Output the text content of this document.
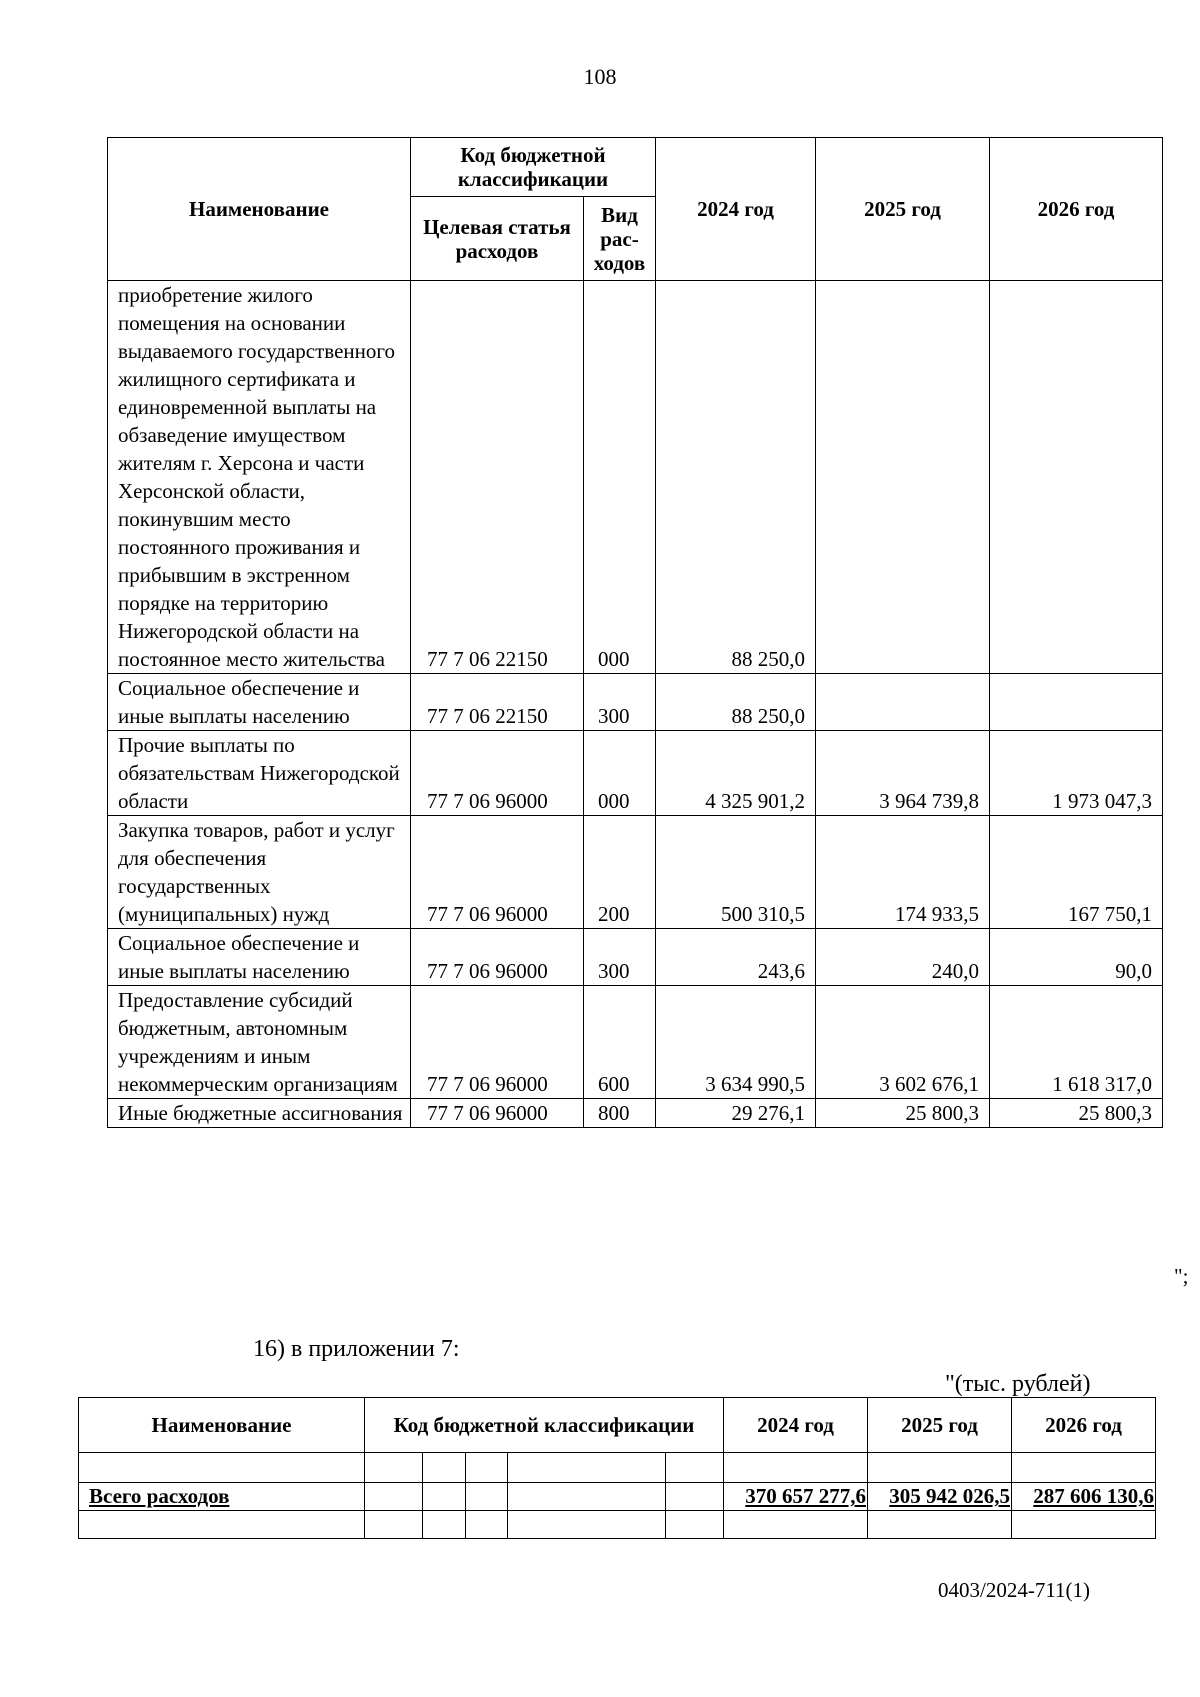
108
Наименование	Код бюджетной классификации		2024 год	2025 год	2026 год
	Целевая статья расходов	Вид рас-ходов			
приобретение жилого помещения на основании выдаваемого государственного жилищного сертификата и единовременной выплаты на обзаведение имуществом жителям г. Херсона и части Херсонской области, покинувшим место постоянного проживания и прибывшим в экстренном порядке на территорию Нижегородской области на постоянное место жительства	77 7 06 22150	000	88 250,0		
Социальное обеспечение и иные выплаты населению	77 7 06 22150	300	88 250,0		
Прочие выплаты по обязательствам Нижегородской области	77 7 06 96000	000	4 325 901,2	3 964 739,8	1 973 047,3
Закупка товаров, работ и услуг для обеспечения государственных (муниципальных) нужд	77 7 06 96000	200	500 310,5	174 933,5	167 750,1
Социальное обеспечение и иные выплаты населению	77 7 06 96000	300	243,6	240,0	90,0
Предоставление субсидий бюджетным, автономным учреждениям и иным некоммерческим организациям	77 7 06 96000	600	3 634 990,5	3 602 676,1	1 618 317,0
Иные бюджетные ассигнования	77 7 06 96000	800	29 276,1	25 800,3	25 800,3
";
16) в приложении 7:
"(тыс. рублей)
Наименование	Код бюджетной классификации					2024 год	2025 год	2026 год

Всего расходов						370 657 277,6	305 942 026,5	287 606 130,6

0403/2024-711(1)
